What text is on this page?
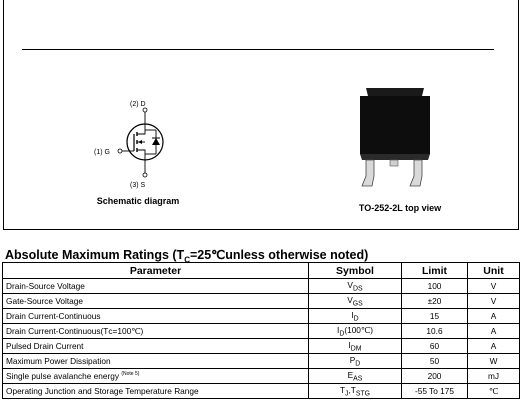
(2) D
(1) G
(3) S
Schematic diagram
TO-252-2L top view
Absolute Maximum Ratings ($T_C=25℃unless$ otherwise noted)
Parameter	Symbol	Limit	Unit
Drain-Source Voltage	$V_{DS}$	100	V
Gate-Source Voltage	$V_{GS}$	±20	V
Drain Current-Continuous	$I_D$	15	A
Drain Current-Continuous(Tᴄ=100℃)	$I_D(100℃)$	10.6	A
Pulsed Drain Current	$I_{DM}$	60	A
Maximum Power Dissipation	$P_D$	50	W
Single pulse avalanche energy $^{(Note 5)}$	$E_{AS}$	200	mJ
Operating Junction and Storage Temperature Range	$T_J,T_{STG}$	-55 To 175	℃
